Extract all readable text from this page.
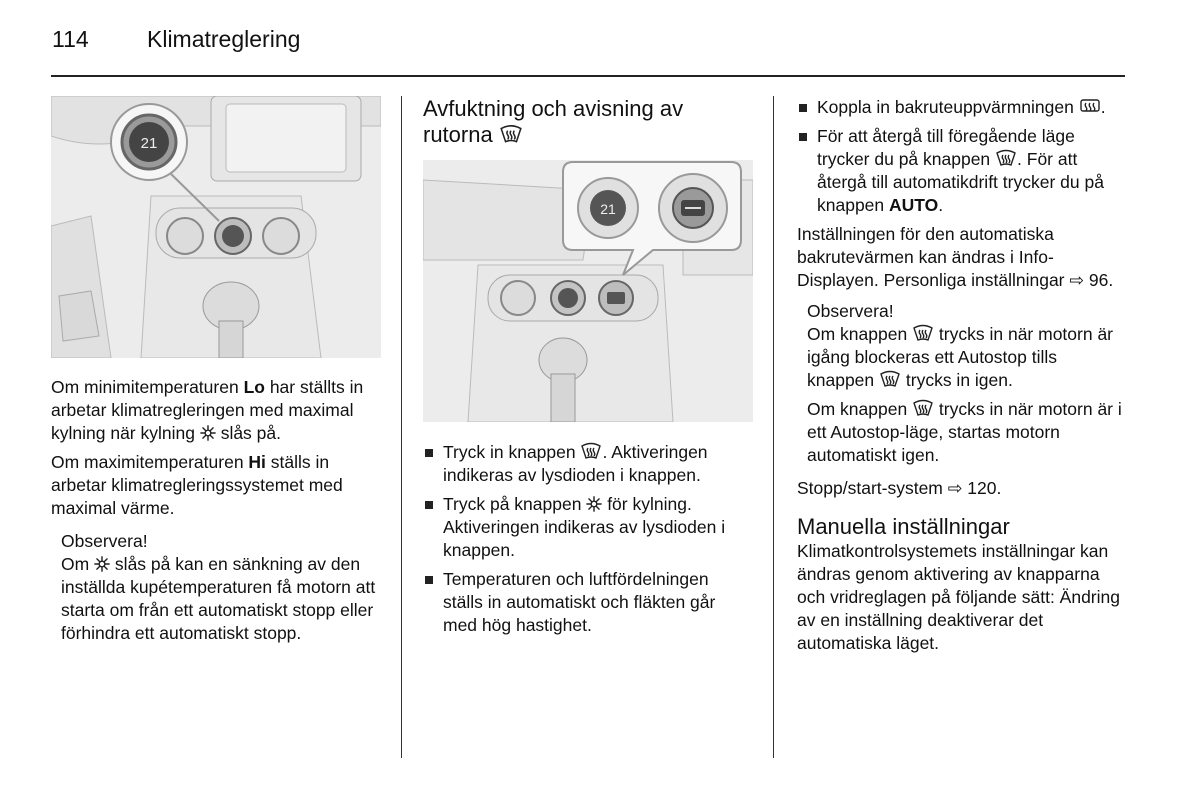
114	Klimatreglering
21

Om minimitemperaturen Lo har ställts in arbetar klimatregleringen med maximal kylning när kylning  slås på.

Om maximitemperaturen Hi ställs in arbetar klimatregleringssystemet med maximal värme.

Observera!
Om  slås på kan en sänkning av den inställda kupétemperaturen få motorn att starta om från ett automatiskt stopp eller förhindra ett automatiskt stopp.
Avfuktning och avisning av rutorna
21
Tryck in knappen . Aktiveringen indikeras av lysdioden i knappen.
Tryck på knappen  för kylning. Aktiveringen indikeras av lysdioden i knappen.
Temperaturen och luftfördelningen ställs in automatiskt och fläkten går med hög hastighet.
Koppla in bakruteuppvärmningen .
För att återgå till föregående läge trycker du på knappen . För att återgå till automatikdrift trycker du på knappen AUTO.

Inställningen för den automatiska bakrutevärmen kan ändras i Info-Displayen. Personliga inställningar ⇨ 96.

Observera!

Om knappen  trycks in när motorn är igång blockeras ett Autostop tills knappen  trycks in igen.

Om knappen  trycks in när motorn är i ett Autostop-läge, startas motorn automatiskt igen.

Stopp/start-system ⇨ 120.

Manuella inställningar

Klimatkontrolsystemets inställningar kan ändras genom aktivering av knapparna och vridreglagen på följande sätt: Ändring av en inställning deaktiverar det automatiska läget.
